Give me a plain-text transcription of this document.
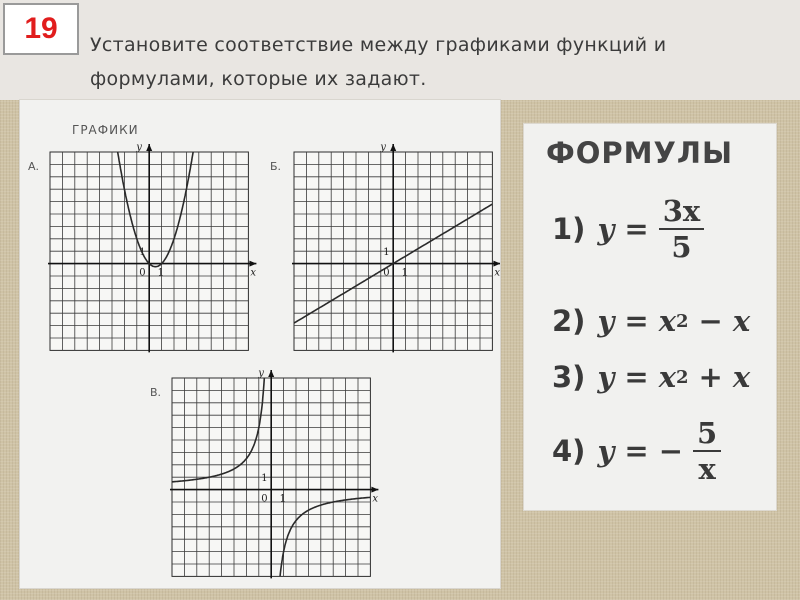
19	Установите соответствие между графиками функций и формулами, которые их задают.
ГРАФИКИ
А.
x
y
0 1
1
Б.
x
y
0 1
1
В.
x
y
0 1
1
ФОРМУЛЫ
1) $y = \frac{3x}{5}$
2) y = x 2 − x
3) y = x 2 + x
4) y = − $\frac{5}{x}$
